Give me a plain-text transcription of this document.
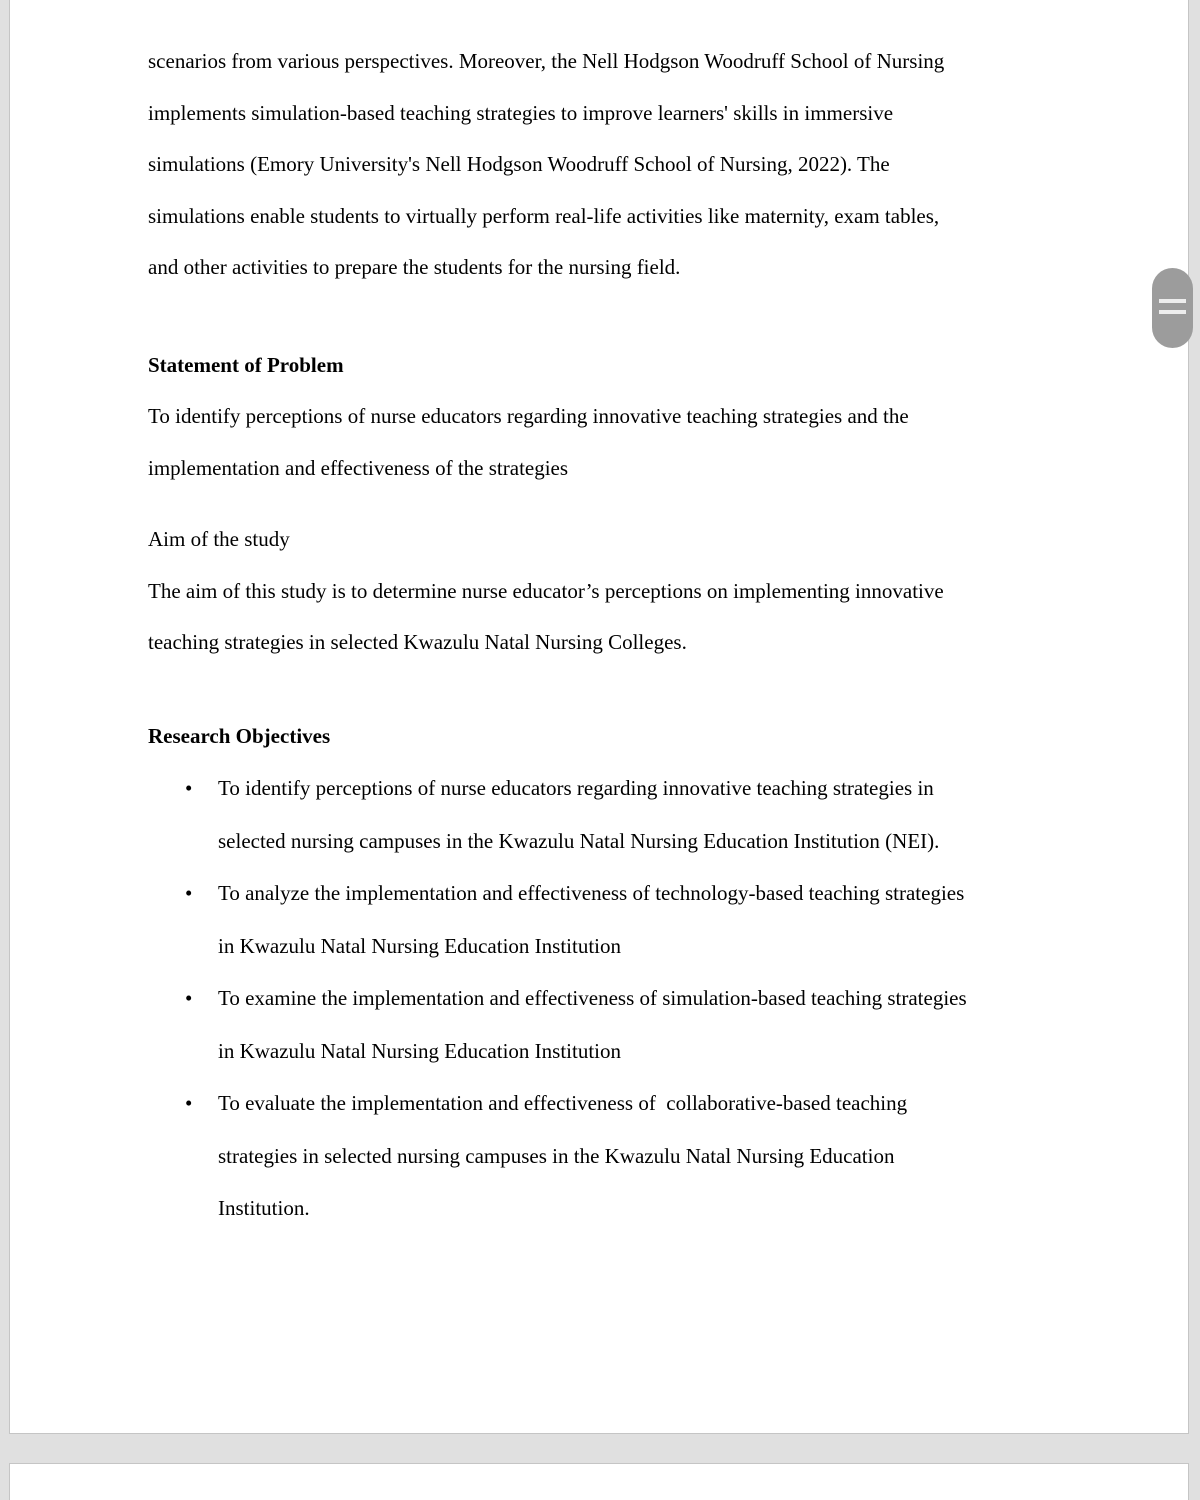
scenarios from various perspectives. Moreover, the Nell Hodgson Woodruff School of Nursing
implements simulation-based teaching strategies to improve learners' skills in immersive
simulations (Emory University's Nell Hodgson Woodruff School of Nursing, 2022). The
simulations enable students to virtually perform real-life activities like maternity, exam tables,
and other activities to prepare the students for the nursing field.
Statement of Problem
To identify perceptions of nurse educators regarding innovative teaching strategies and the
implementation and effectiveness of the strategies
Aim of the study
The aim of this study is to determine nurse educator’s perceptions on implementing innovative
teaching strategies in selected Kwazulu Natal Nursing Colleges.
Research Objectives
•	To identify perceptions of nurse educators regarding innovative teaching strategies in
selected nursing campuses in the Kwazulu Natal Nursing Education Institution (NEI).
•	To analyze the implementation and effectiveness of technology-based teaching strategies
in Kwazulu Natal Nursing Education Institution
•	To examine the implementation and effectiveness of simulation-based teaching strategies
in Kwazulu Natal Nursing Education Institution
•	To evaluate the implementation and effectiveness of  collaborative-based teaching
strategies in selected nursing campuses in the Kwazulu Natal Nursing Education
Institution.
